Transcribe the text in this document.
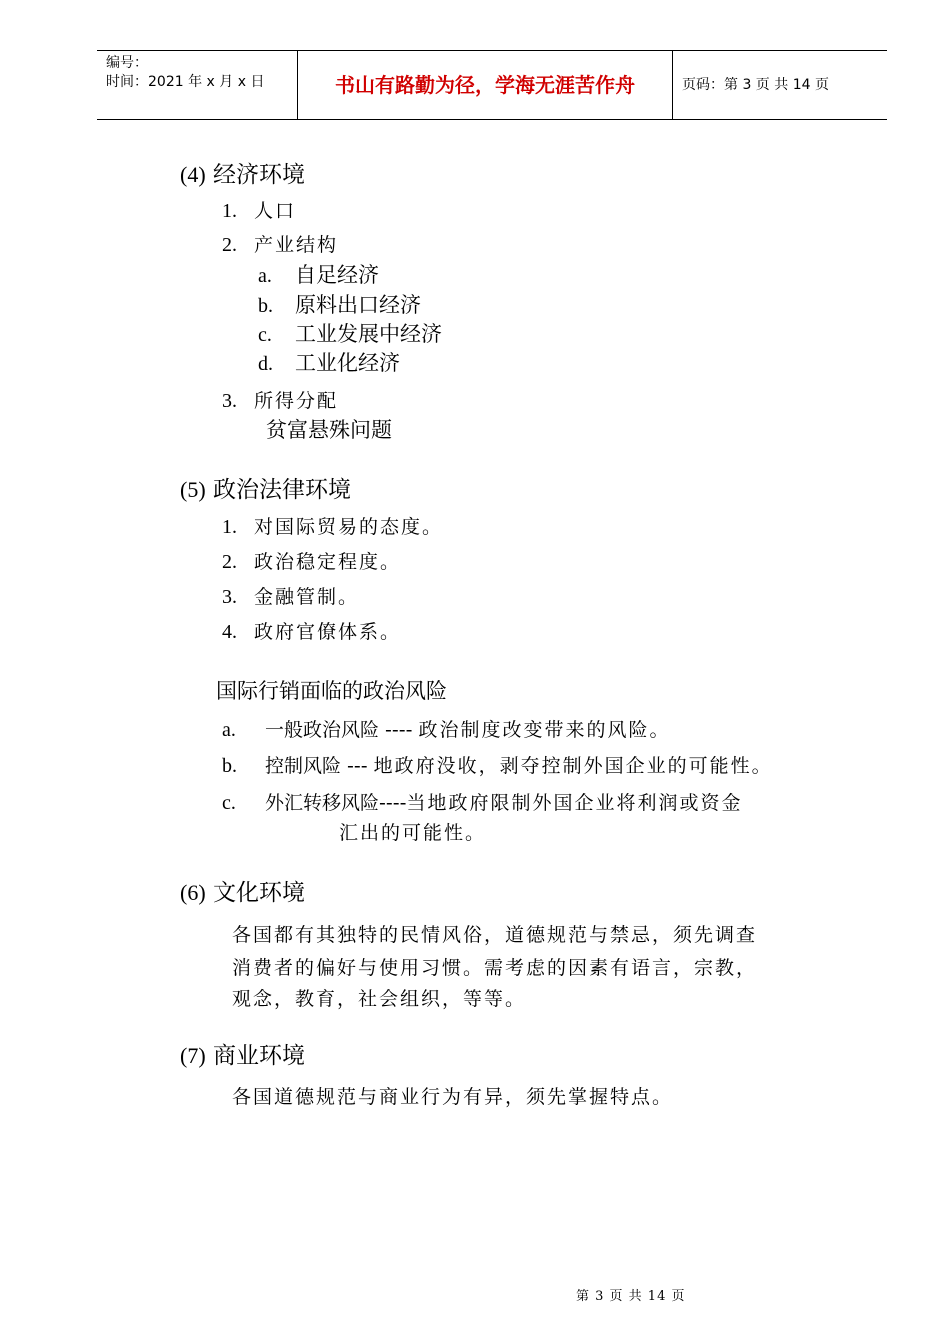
编号：
时间：2021 年 x 月 x 日	书山有路勤为径，学海无涯苦作舟	页码：第 3 页 共 14 页
(4) 经济环境
1. 人口
2. 产业结构
a. 自足经济
b. 原料出口经济
c. 工业发展中经济
d. 工业化经济
3. 所得分配
贫富悬殊问题
(5) 政治法律环境
1. 对国际贸易的态度。
2. 政治稳定程度。
3. 金融管制。
4. 政府官僚体系。
国际行销面临的政治风险
a. 一般政治风险 ---- 政治制度改变带来的风险。
b. 控制风险 --- 地政府没收，剥夺控制外国企业的可能性。
c. 外汇转移风险----当地政府限制外国企业将利润或资金
汇出的可能性。
(6) 文化环境
各国都有其独特的民情风俗，道德规范与禁忌，须先调查
消费者的偏好与使用习惯。需考虑的因素有语言，宗教，
观念，教育，社会组织，等等。
(7) 商业环境
各国道德规范与商业行为有异，须先掌握特点。
第 3 页 共 14 页
